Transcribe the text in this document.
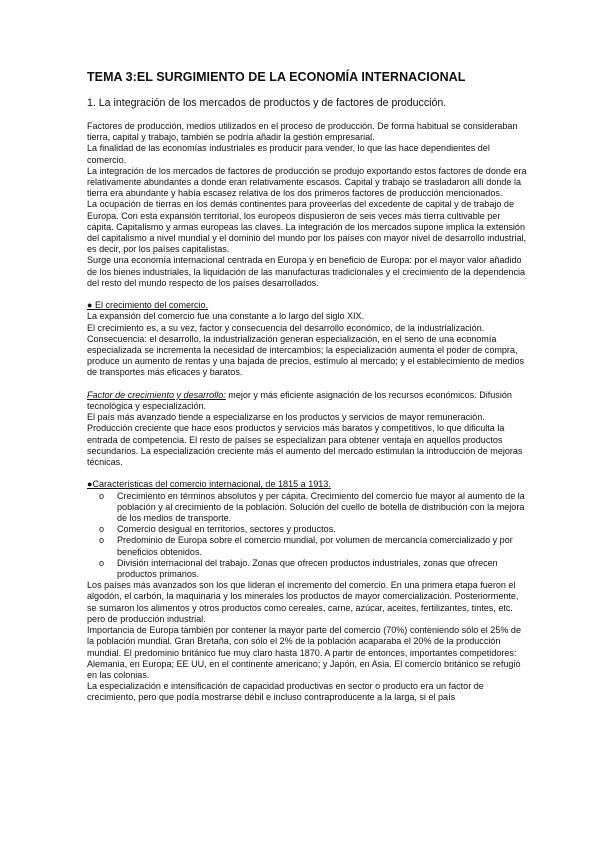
TEMA 3:EL SURGIMIENTO DE LA ECONOMÍA INTERNACIONAL
1. La integración de los mercados de productos y de factores de producción.

Factores de producción, medios utilizados en el proceso de producción. De forma habitual se consideraban tierra, capital y trabajo, también se podría añadir la gestión empresarial.

La finalidad de las economías industriales es producir para vender, lo que las hace dependientes del comercio.

La integración de los mercados de factores de producción se produjo exportando estos factores de donde era relativamente abundantes a donde eran relativamente escasos. Capital y trabajo se trasladaron allí donde la tierra era abundante y había escasez relativa de los dos primeros factores de producción mencionados.

La ocupación de tierras en los demás continentes para proveerlas del excedente de capital y de trabajo de Europa. Con esta expansión territorial, los europeos dispusieron de seis veces más tierra cultivable per cápita. Capitalismo y armas europeas las claves. La integración de los mercados supone implica la extensión del capitalismo a nivel mundial y el dominio del mundo por los países con mayor nivel de desarrollo industrial, es decir, por los países capitalistas.

Surge una economía internacional centrada en Europa y en beneficio de Europa: por el mayor valor añadido de los bienes industriales, la liquidación de las manufacturas tradicionales y el crecimiento de la dependencia del resto del mundo respecto de los países desarrollados.

● El crecimiento del comercio.

La expansión del comercio fue una constante a lo largo del siglo XIX.

El crecimiento es, a su vez, factor y consecuencia del desarrollo económico, de la industrialización.

Consecuencia: el desarrollo, la industrialización generan especialización, en el seno de una economía especializada se incrementa la necesidad de intercambios; la especialización aumenta el poder de compra, produce un aumento de rentas y una bajada de precios, estímulo al mercado; y el establecimiento de medios de transportes más eficaces y baratos.

Factor de crecimiento y desarrollo: mejor y más eficiente asignación de los recursos económicos. Difusión tecnológica y especialización.

El país más avanzado tiende a especializarse en los productos y servicios de mayor remuneración. Producción creciente que hace esos productos y servicios más baratos y competitivos, lo que dificulta la entrada de competencia. El resto de países se especializan para obtener ventaja en aquellos productos secundarios. La especialización creciente más el aumento del mercado estimulan la introducción de mejoras técnicas.

●Características del comercio internacional, de 1815 a 1913.

o Crecimiento en términos absolutos y per cápita. Crecimiento del comercio fue mayor al aumento de la población y al crecimiento de la población. Solución del cuello de botella de distribución con la mejora de los medios de transporte.
o Comercio desigual en territorios, sectores y productos.
o Predominio de Europa sobre el comercio mundial, por volumen de mercancía comercializado y por beneficios obtenidos.
o División internacional del trabajo. Zonas que ofrecen productos industriales, zonas que ofrecen productos primarios.

Los países más avanzados son los que lideran el incremento del comercio. En una primera etapa fueron el algodón, el carbón, la maquinaria y los minerales los productos de mayor comercialización. Posteriormente, se sumaron los alimentos y otros productos como cereales, carne, azúcar, aceites, fertilizantes, tintes, etc. pero de producción industrial.

Importancia de Europa también por contener la mayor parte del comercio (70%) conteniendo sólo el 25% de la población mundial. Gran Bretaña, con sólo el 2% de la población acaparaba el 20% de la producción mundial. El predominio británico fue muy claro hasta 1870. A partir de entonces, importantes competidores: Alemania, en Europa; EE UU, en el continente americano; y Japón, en Asia. El comercio británico se refugió en las colonias.

La especialización e intensificación de capacidad productivas en sector o producto era un factor de crecimiento, pero que podía mostrarse débil e incluso contraproducente a la larga, si el país
